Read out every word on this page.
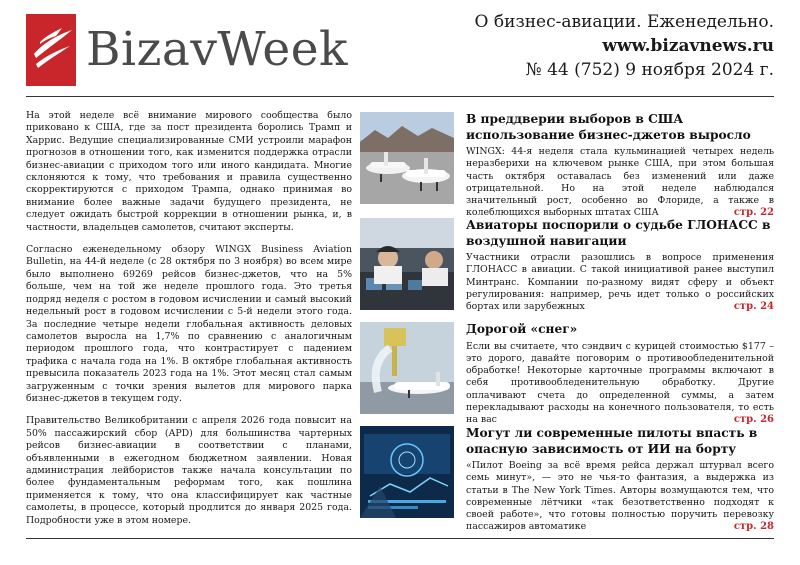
BizavWeek	О бизнес-авиации. Еженедельно.
www.bizavnews.ru
№ 44 (752) 9 ноября 2024 г.

На этой неделе всё внимание мирового сообщества было приковано к США, где за пост президента боролись Трамп и Харрис. Ведущие специализированные СМИ устроили марафон прогнозов в отношении того, как изменится поддержка отрасли бизнес-авиации с приходом того или иного кандидата. Многие склоняются к тому, что требования и правила существенно скорректируются с приходом Трампа, однако принимая во внимание более важные задачи будущего президента, не следует ожидать быстрой коррекции в отношении рынка, и, в частности, владельцев самолетов, считают эксперты.

Согласно еженедельному обзору WINGX Business Aviation Bulletin, на 44-й неделе (с 28 октября по 3 ноября) во всем мире было выполнено 69269 рейсов бизнес-джетов, что на 5% больше, чем на той же неделе прошлого года. Это третья подряд неделя с ростом в годовом исчислении и самый высокий недельный рост в годовом исчислении с 5-й недели этого года. За последние четыре недели глобальная активность деловых самолетов выросла на 1,7% по сравнению с аналогичным периодом прошлого года, что контрастирует с падением трафика с начала года на 1%. В октябре глобальная активность превысила показатель 2023 года на 1%. Этот месяц стал самым загруженным с точки зрения вылетов для мирового парка бизнес-джетов в текущем году.

Правительство Великобритании с апреля 2026 года повысит на 50% пассажирский сбор (APD) для большинства чартерных рейсов бизнес-авиации в соответствии с планами, объявленными в ежегодном бюджетном заявлении. Новая администрация лейбористов также начала консультации по более фундаментальным реформам того, как пошлина применяется к тому, что она классифицирует как частные самолеты, в процессе, который продлится до января 2025 года. Подробности уже в этом номере.

В преддверии выборов в США использование бизнес-джетов выросло

WINGX: 44-я неделя стала кульминацией четырех недель неразберихи на ключевом рынке США, при этом большая часть октября оставалась без изменений или даже отрицательной. Но на этой неделе наблюдался значительный рост, особенно во Флориде, а также в колеблющихся выборных штатах США	стр. 22

Авиаторы поспорили о судьбе ГЛОНАСС в воздушной навигации

Участники отрасли разошлись в вопросе применения ГЛОНАСС в авиации. С такой инициативой ранее выступил Минтранс. Компании по-разному видят сферу и объект регулирования: например, речь идет только о российских бортах или зарубежных	стр. 24

Дорогой «снег»

Если вы считаете, что сэндвич с курицей стоимостью $177 – это дорого, давайте поговорим о противообледенительной обработке! Некоторые карточные программы включают в себя противообледенительную обработку. Другие оплачивают счета до определенной суммы, а затем перекладывают расходы на конечного пользователя, то есть на вас	стр. 26

Могут ли современные пилоты впасть в опасную зависимость от ИИ на борту

«Пилот Boeing за всё время рейса держал штурвал всего семь минут», — это не чья-то фантазия, а выдержка из статьи в The New York Times. Авторы возмущаются тем, что современные лётчики «так безответственно подходят к своей работе», что готовы полностью поручить перевозку пассажиров автоматике	стр. 28
